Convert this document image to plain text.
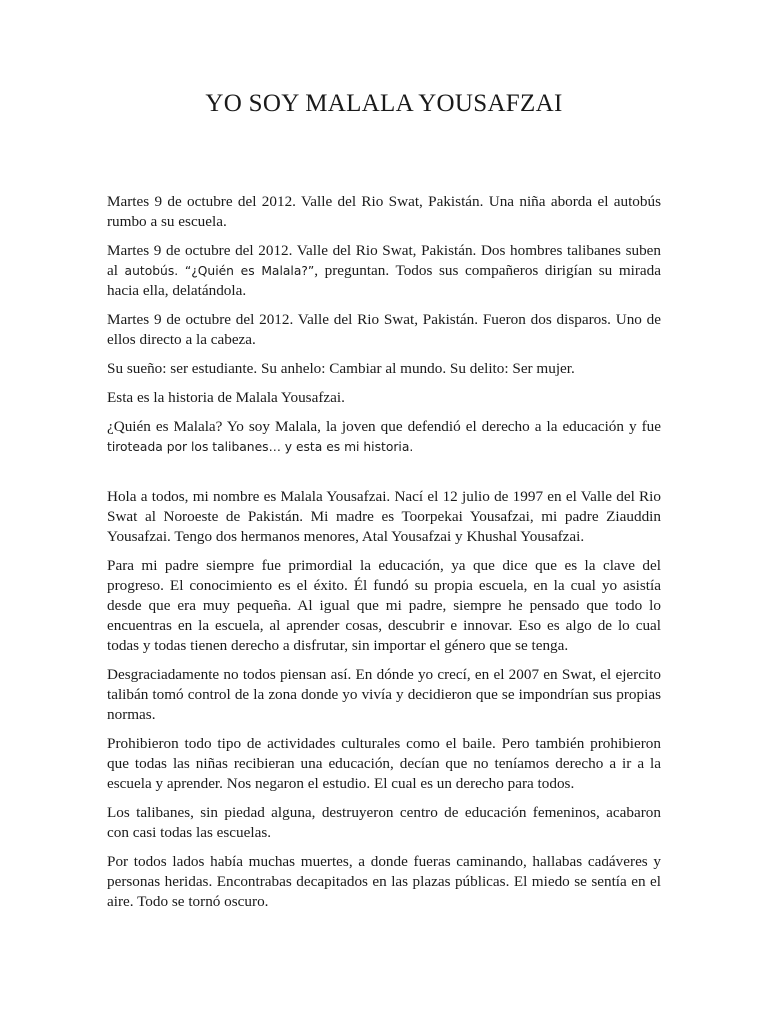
YO SOY MALALA YOUSAFZAI

Martes 9 de octubre del 2012. Valle del Rio Swat, Pakistán. Una niña aborda el autobús rumbo a su escuela.

Martes 9 de octubre del 2012. Valle del Rio Swat, Pakistán. Dos hombres talibanes suben al autobús. “¿Quién es Malala?”, preguntan. Todos sus compañeros dirigían su mirada hacia ella, delatándola.

Martes 9 de octubre del 2012. Valle del Rio Swat, Pakistán. Fueron dos disparos. Uno de ellos directo a la cabeza.

Su sueño: ser estudiante. Su anhelo: Cambiar al mundo. Su delito: Ser mujer.

Esta es la historia de Malala Yousafzai.

¿Quién es Malala? Yo soy Malala, la joven que defendió el derecho a la educación y fue tiroteada por los talibanes… y esta es mi historia.

Hola a todos, mi nombre es Malala Yousafzai. Nací el 12 julio de 1997 en el Valle del Rio Swat al Noroeste de Pakistán. Mi madre es Toorpekai Yousafzai, mi padre Ziauddin Yousafzai. Tengo dos hermanos menores, Atal Yousafzai y Khushal Yousafzai.

Para mi padre siempre fue primordial la educación, ya que dice que es la clave del progreso. El conocimiento es el éxito. Él fundó su propia escuela, en la cual yo asistía desde que era muy pequeña. Al igual que mi padre, siempre he pensado que todo lo encuentras en la escuela, al aprender cosas, descubrir e innovar. Eso es algo de lo cual todas y todas tienen derecho a disfrutar, sin importar el género que se tenga.

Desgraciadamente no todos piensan así. En dónde yo crecí, en el 2007 en Swat, el ejercito talibán tomó control de la zona donde yo vivía y decidieron que se impondrían sus propias normas.

Prohibieron todo tipo de actividades culturales como el baile. Pero también prohibieron que todas las niñas recibieran una educación, decían que no teníamos derecho a ir a la escuela y aprender. Nos negaron el estudio. El cual es un derecho para todos.

Los talibanes, sin piedad alguna, destruyeron centro de educación femeninos, acabaron con casi todas las escuelas.

Por todos lados había muchas muertes, a donde fueras caminando, hallabas cadáveres y personas heridas. Encontrabas decapitados en las plazas públicas. El miedo se sentía en el aire. Todo se tornó oscuro.
